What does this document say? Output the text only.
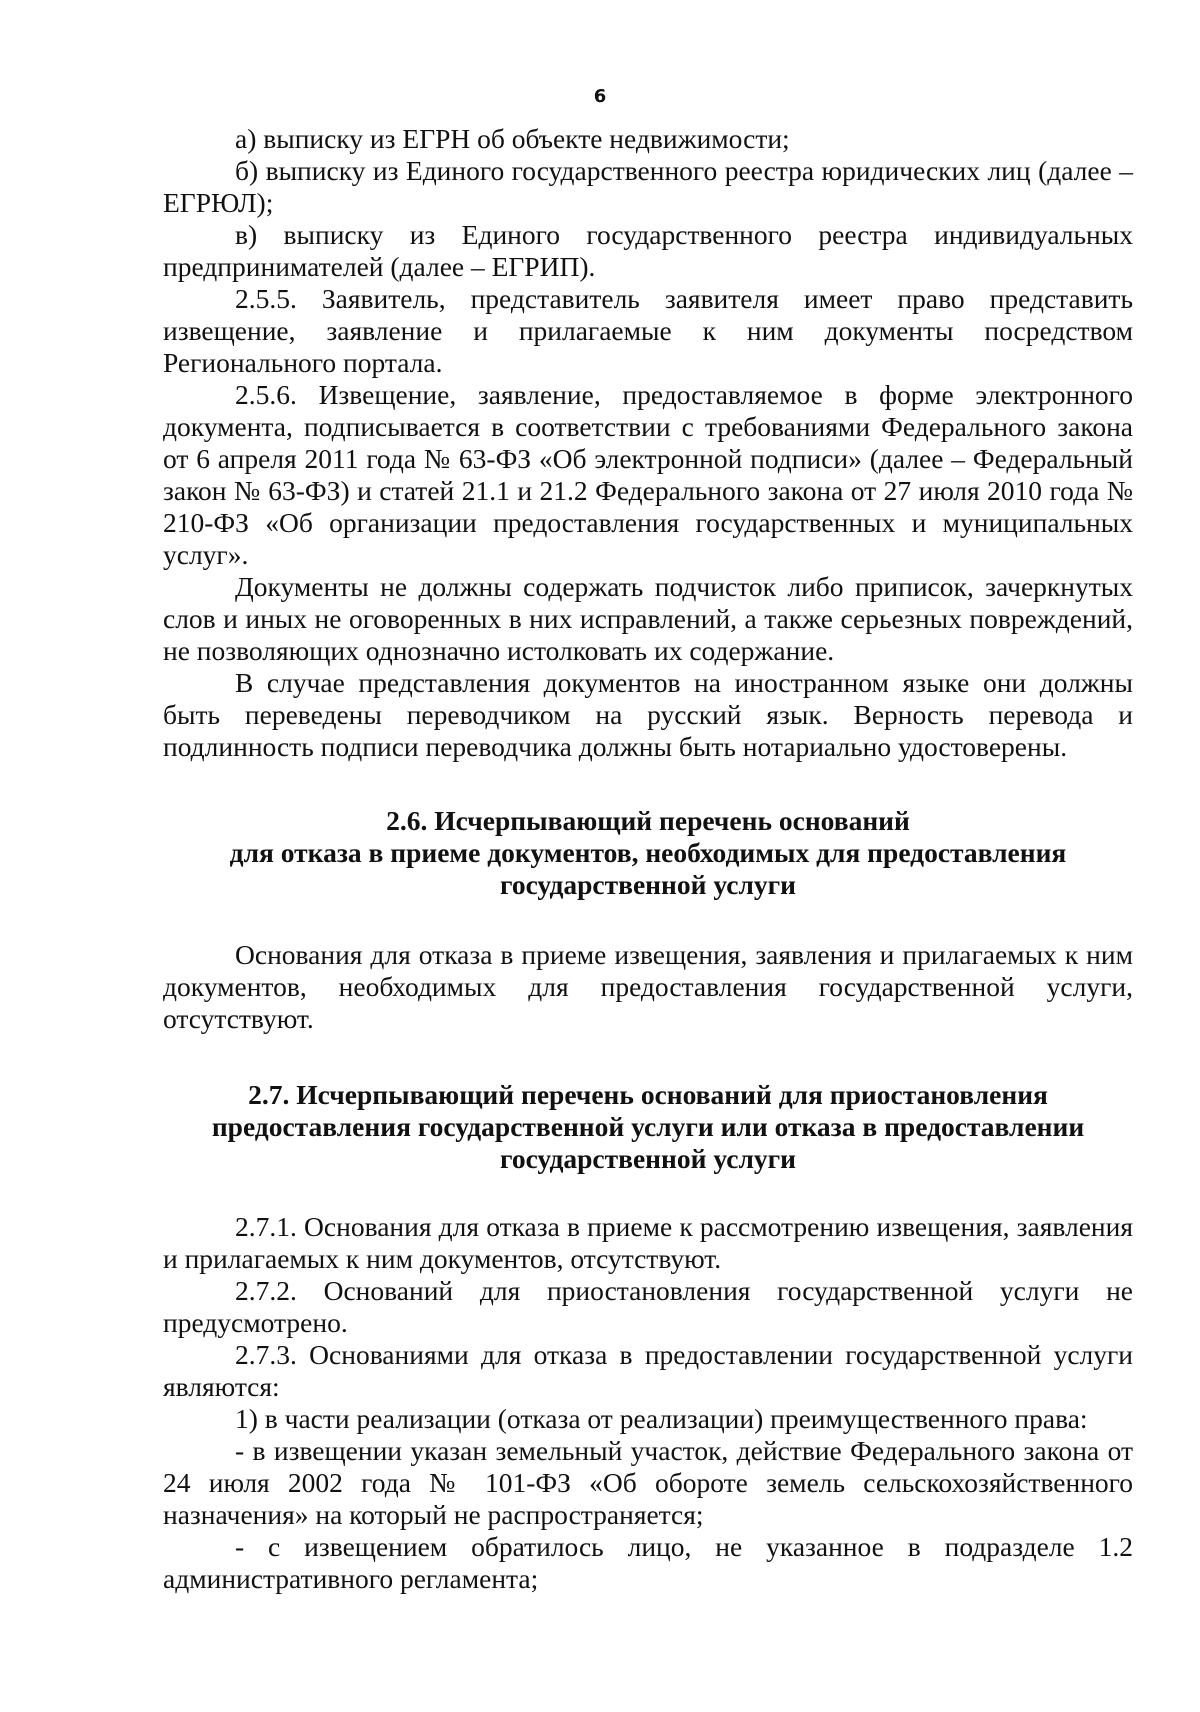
6

а) выписку из ЕГРН об объекте недвижимости;

б) выписку из Единого государственного реестра юридических лиц (далее – ЕГРЮЛ);

в) выписку из Единого государственного реестра индивидуальных предпринимателей (далее – ЕГРИП).

2.5.5. Заявитель, представитель заявителя имеет право представить извещение, заявление и прилагаемые к ним документы посредством Регионального портала.

2.5.6. Извещение, заявление, предоставляемое в форме электронного документа, подписывается в соответствии с требованиями Федерального закона от 6 апреля 2011 года № 63-ФЗ «Об электронной подписи» (далее – Федеральный закон № 63-ФЗ) и статей 21.1 и 21.2 Федерального закона от 27 июля 2010 года № 210-ФЗ «Об организации предоставления государственных и муниципальных услуг».

Документы не должны содержать подчисток либо приписок, зачеркнутых слов и иных не оговоренных в них исправлений, а также серьезных повреждений, не позволяющих однозначно истолковать их содержание.

В случае представления документов на иностранном языке они должны быть переведены переводчиком на русский язык. Верность перевода и подлинность подписи переводчика должны быть нотариально удостоверены.

2.6. Исчерпывающий перечень оснований
для отказа в приеме документов, необходимых для предоставления
государственной услуги

Основания для отказа в приеме извещения, заявления и прилагаемых к ним документов, необходимых для предоставления государственной услуги, отсутствуют.

2.7. Исчерпывающий перечень оснований для приостановления
предоставления государственной услуги или отказа в предоставлении
государственной услуги

2.7.1. Основания для отказа в приеме к рассмотрению извещения, заявления и прилагаемых к ним документов, отсутствуют.

2.7.2. Оснований для приостановления государственной услуги не предусмотрено.

2.7.3. Основаниями для отказа в предоставлении государственной услуги являются:

1) в части реализации (отказа от реализации) преимущественного права:

- в извещении указан земельный участок, действие Федерального закона от 24 июля 2002 года № 101-ФЗ «Об обороте земель сельскохозяйственного назначения» на который не распространяется;

- с извещением обратилось лицо, не указанное в подразделе 1.2 административного регламента;
